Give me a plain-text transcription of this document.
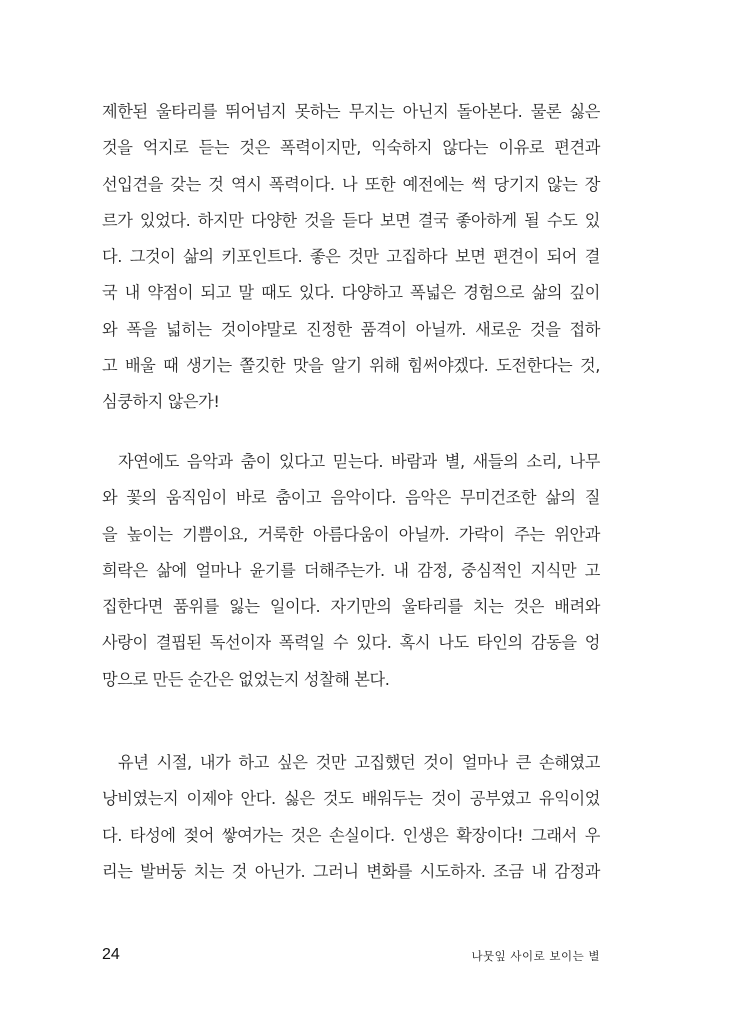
제한된 울타리를 뛰어넘지 못하는 무지는 아닌지 돌아본다. 물론 싫은
것을 억지로 듣는 것은 폭력이지만, 익숙하지 않다는 이유로 편견과
선입견을 갖는 것 역시 폭력이다. 나 또한 예전에는 썩 당기지 않는 장
르가 있었다. 하지만 다양한 것을 듣다 보면 결국 좋아하게 될 수도 있
다. 그것이 삶의 키포인트다. 좋은 것만 고집하다 보면 편견이 되어 결
국 내 약점이 되고 말 때도 있다. 다양하고 폭넓은 경험으로 삶의 깊이
와 폭을 넓히는 것이야말로 진정한 품격이 아닐까. 새로운 것을 접하
고 배울 때 생기는 쫄깃한 맛을 알기 위해 힘써야겠다. 도전한다는 것,
심쿵하지 않은가!
자연에도 음악과 춤이 있다고 믿는다. 바람과 별, 새들의 소리, 나무
와 꽃의 움직임이 바로 춤이고 음악이다. 음악은 무미건조한 삶의 질
을 높이는 기쁨이요, 거룩한 아름다움이 아닐까. 가락이 주는 위안과
희락은 삶에 얼마나 윤기를 더해주는가. 내 감정, 중심적인 지식만 고
집한다면 품위를 잃는 일이다. 자기만의 울타리를 치는 것은 배려와
사랑이 결핍된 독선이자 폭력일 수 있다. 혹시 나도 타인의 감동을 엉
망으로 만든 순간은 없었는지 성찰해 본다.
유년 시절, 내가 하고 싶은 것만 고집했던 것이 얼마나 큰 손해였고
낭비였는지 이제야 안다. 싫은 것도 배워두는 것이 공부였고 유익이었
다. 타성에 젖어 쌓여가는 것은 손실이다. 인생은 확장이다! 그래서 우
리는 발버둥 치는 것 아닌가. 그러니 변화를 시도하자. 조금 내 감정과
24	나뭇잎 사이로 보이는 별
